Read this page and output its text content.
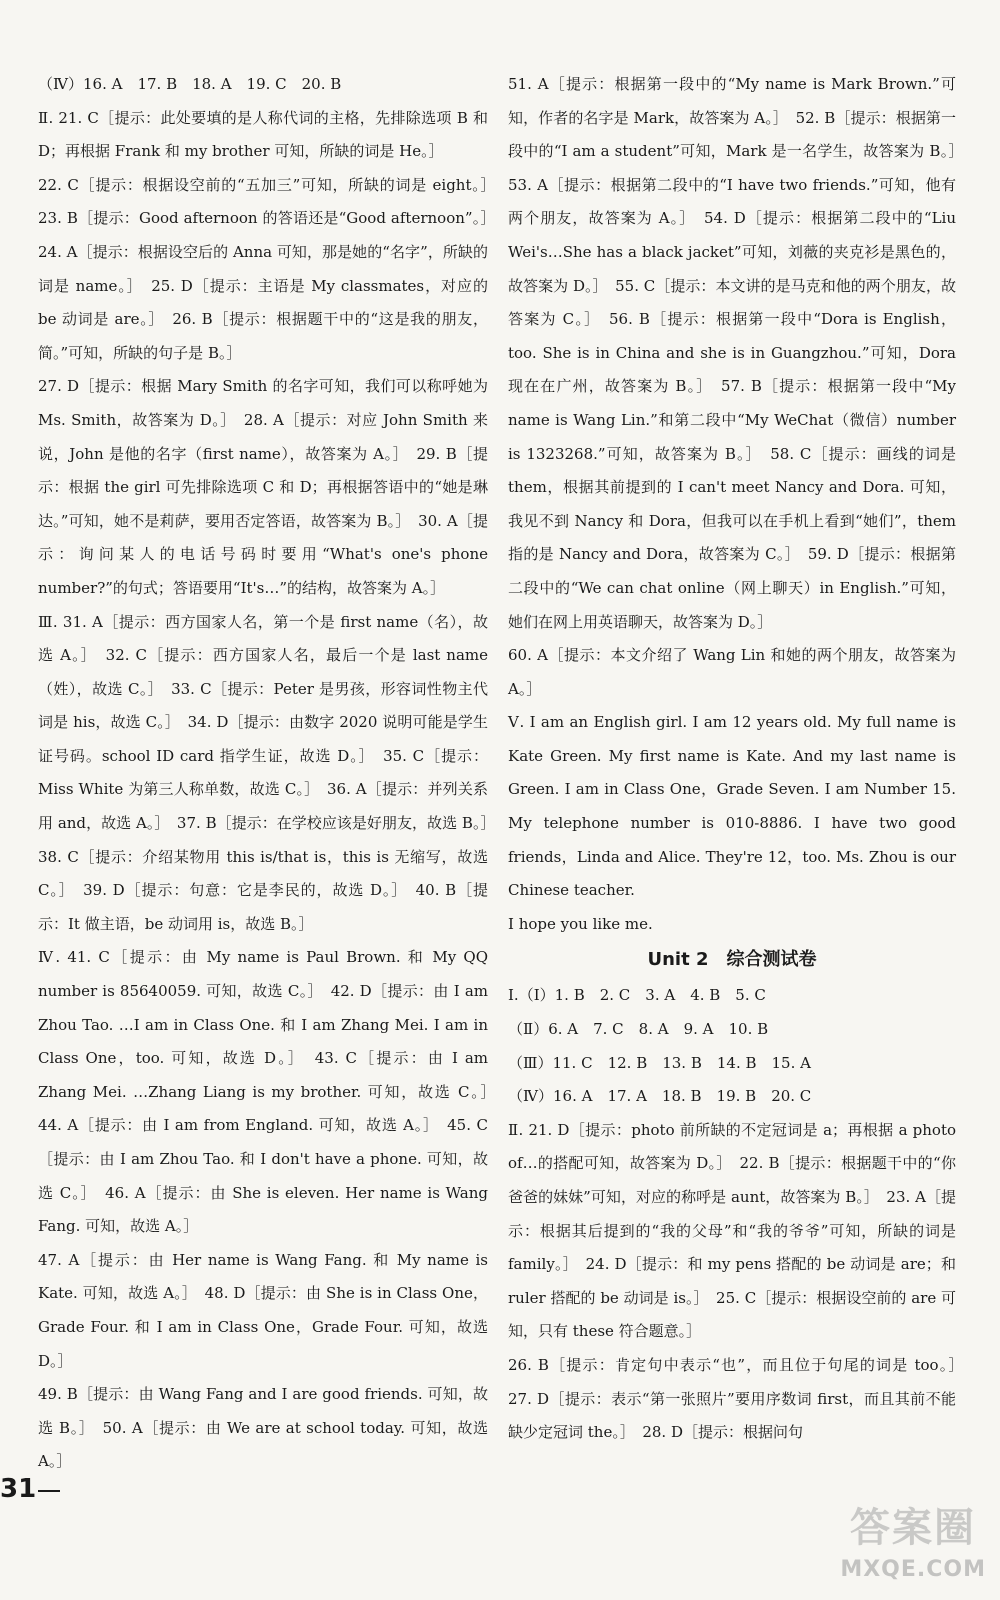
（Ⅳ）16. A　17. B　18. A　19. C　20. B

Ⅱ. 21. C［提示：此处要填的是人称代词的主格，先排除选项 B 和 D；再根据 Frank 和 my brother 可知，所缺的词是 He。］

22. C［提示：根据设空前的“五加三”可知，所缺的词是 eight。］　23. B［提示：Good afternoon 的答语还是“Good afternoon”。］　24. A［提示：根据设空后的 Anna 可知，那是她的“名字”，所缺的词是 name。］　25. D［提示：主语是 My classmates，对应的 be 动词是 are。］　26. B［提示：根据题干中的“这是我的朋友，简。”可知，所缺的句子是 B。］

27. D［提示：根据 Mary Smith 的名字可知，我们可以称呼她为 Ms. Smith，故答案为 D。］　28. A［提示：对应 John Smith 来说，John 是他的名字（first name），故答案为 A。］　29. B［提示：根据 the girl 可先排除选项 C 和 D；再根据答语中的“她是琳达。”可知，她不是莉萨，要用否定答语，故答案为 B。］　30. A［提示：询问某人的电话号码时要用“What's one's phone number?”的句式；答语要用“It's…”的结构，故答案为 A。］

Ⅲ. 31. A［提示：西方国家人名，第一个是 first name（名），故选 A。］　32. C［提示：西方国家人名，最后一个是 last name（姓），故选 C。］　33. C［提示：Peter 是男孩，形容词性物主代词是 his，故选 C。］　34. D［提示：由数字 2020 说明可能是学生证号码。school ID card 指学生证，故选 D。］　35. C［提示：Miss White 为第三人称单数，故选 C。］　36. A［提示：并列关系用 and，故选 A。］　37. B［提示：在学校应该是好朋友，故选 B。］　38. C［提示：介绍某物用 this is/that is，this is 无缩写，故选 C。］　39. D［提示：句意：它是李民的，故选 D。］　40. B［提示：It 做主语，be 动词用 is，故选 B。］

Ⅳ. 41. C［提示：由 My name is Paul Brown. 和 My QQ number is 85640059. 可知，故选 C。］　42. D［提示：由 I am Zhou Tao. …I am in Class One. 和 I am Zhang Mei. I am in Class One，too. 可知，故选 D。］　43. C［提示：由 I am Zhang Mei. …Zhang Liang is my brother. 可知，故选 C。］　44. A［提示：由 I am from England. 可知，故选 A。］　45. C［提示：由 I am Zhou Tao. 和 I don't have a phone. 可知，故选 C。］　46. A［提示：由 She is eleven. Her name is Wang Fang. 可知，故选 A。］

47. A［提示：由 Her name is Wang Fang. 和 My name is Kate. 可知，故选 A。］　48. D［提示：由 She is in Class One，Grade Four. 和 I am in Class One，Grade Four. 可知，故选 D。］

49. B［提示：由 Wang Fang and I are good friends. 可知，故选 B。］　50. A［提示：由 We are at school today. 可知，故选 A。］

51. A［提示：根据第一段中的“My name is Mark Brown.”可知，作者的名字是 Mark，故答案为 A。］　52. B［提示：根据第一段中的“I am a student”可知，Mark 是一名学生，故答案为 B。］　53. A［提示：根据第二段中的“I have two friends.”可知，他有两个朋友，故答案为 A。］　54. D［提示：根据第二段中的“Liu Wei's…She has a black jacket”可知，刘薇的夹克衫是黑色的，故答案为 D。］　55. C［提示：本文讲的是马克和他的两个朋友，故答案为 C。］　56. B［提示：根据第一段中“Dora is English，too. She is in China and she is in Guangzhou.”可知，Dora 现在在广州，故答案为 B。］　57. B［提示：根据第一段中“My name is Wang Lin.”和第二段中“My WeChat（微信）number is 1323268.”可知，故答案为 B。］　58. C［提示：画线的词是 them，根据其前提到的 I can't meet Nancy and Dora. 可知，我见不到 Nancy 和 Dora，但我可以在手机上看到“她们”，them 指的是 Nancy and Dora，故答案为 C。］　59. D［提示：根据第二段中的“We can chat online（网上聊天）in English.”可知，她们在网上用英语聊天，故答案为 D。］

60. A［提示：本文介绍了 Wang Lin 和她的两个朋友，故答案为 A。］

Ⅴ. I am an English girl. I am 12 years old. My full name is Kate Green. My first name is Kate. And my last name is Green. I am in Class One，Grade Seven. I am Number 15. My telephone number is 010-8886. I have two good friends，Linda and Alice. They're 12，too. Ms. Zhou is our Chinese teacher.

I hope you like me.

Unit 2　综合测试卷

Ⅰ.（Ⅰ）1. B　2. C　3. A　4. B　5. C

（Ⅱ）6. A　7. C　8. A　9. A　10. B

（Ⅲ）11. C　12. B　13. B　14. B　15. A

（Ⅳ）16. A　17. A　18. B　19. B　20. C

Ⅱ. 21. D［提示：photo 前所缺的不定冠词是 a；再根据 a photo of…的搭配可知，故答案为 D。］　22. B［提示：根据题干中的“你爸爸的妹妹”可知，对应的称呼是 aunt，故答案为 B。］　23. A［提示：根据其后提到的“我的父母”和“我的爷爷”可知，所缺的词是 family。］　24. D［提示：和 my pens 搭配的 be 动词是 are；和 ruler 搭配的 be 动词是 is。］　25. C［提示：根据设空前的 are 可知，只有 these 符合题意。］

26. B［提示：肯定句中表示“也”，而且位于句尾的词是 too。］　27. D［提示：表示“第一张照片”要用序数词 first，而且其前不能缺少定冠词 the。］　28. D［提示：根据问句

31
答案圈
MXQE.COM
